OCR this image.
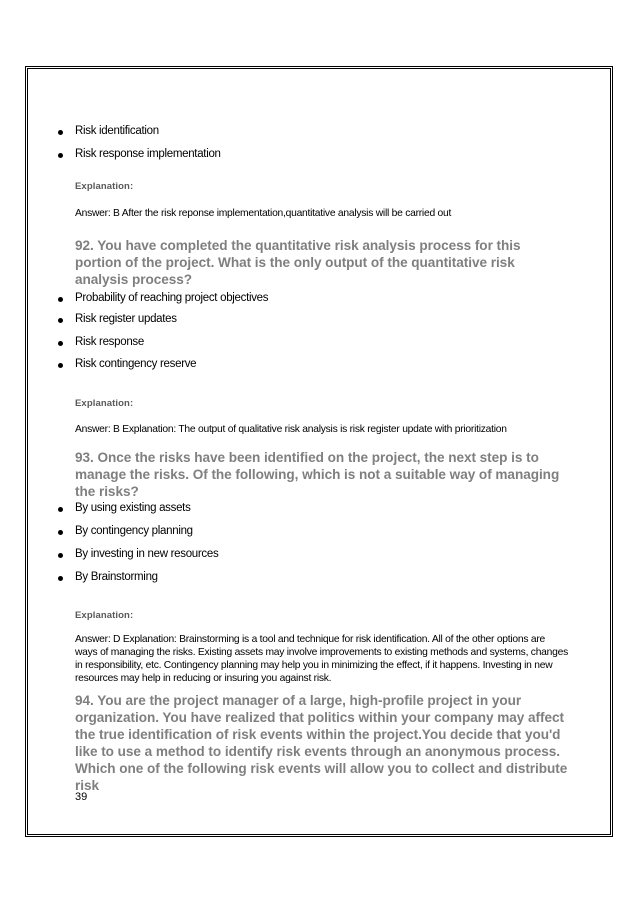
Risk identification
Risk response implementation
Explanation:
Answer: B After the risk reponse implementation,quantitative analysis will be carried out
92. You have completed the quantitative risk analysis process for this portion of the project. What is the only output of the quantitative risk analysis process?
Probability of reaching project objectives
Risk register updates
Risk response
Risk contingency reserve
Explanation:
Answer: B Explanation: The output of qualitative risk analysis is risk register update with prioritization
93. Once the risks have been identified on the project, the next step is to manage the risks. Of the following, which is not a suitable way of managing the risks?
By using existing assets
By contingency planning
By investing in new resources
By Brainstorming
Explanation:
Answer: D Explanation: Brainstorming is a tool and technique for risk identification. All of the other options are ways of managing the risks. Existing assets may involve improvements to existing methods and systems, changes in responsibility, etc. Contingency planning may help you in minimizing the effect, if it happens. Investing in new resources may help in reducing or insuring you against risk.
94. You are the project manager of a large, high-profile project in your organization. You have realized that politics within your company may affect the true identification of risk events within the project.You decide that you'd like to use a method to identify risk events through an anonymous process. Which one of the following risk events will allow you to collect and distribute risk
39
